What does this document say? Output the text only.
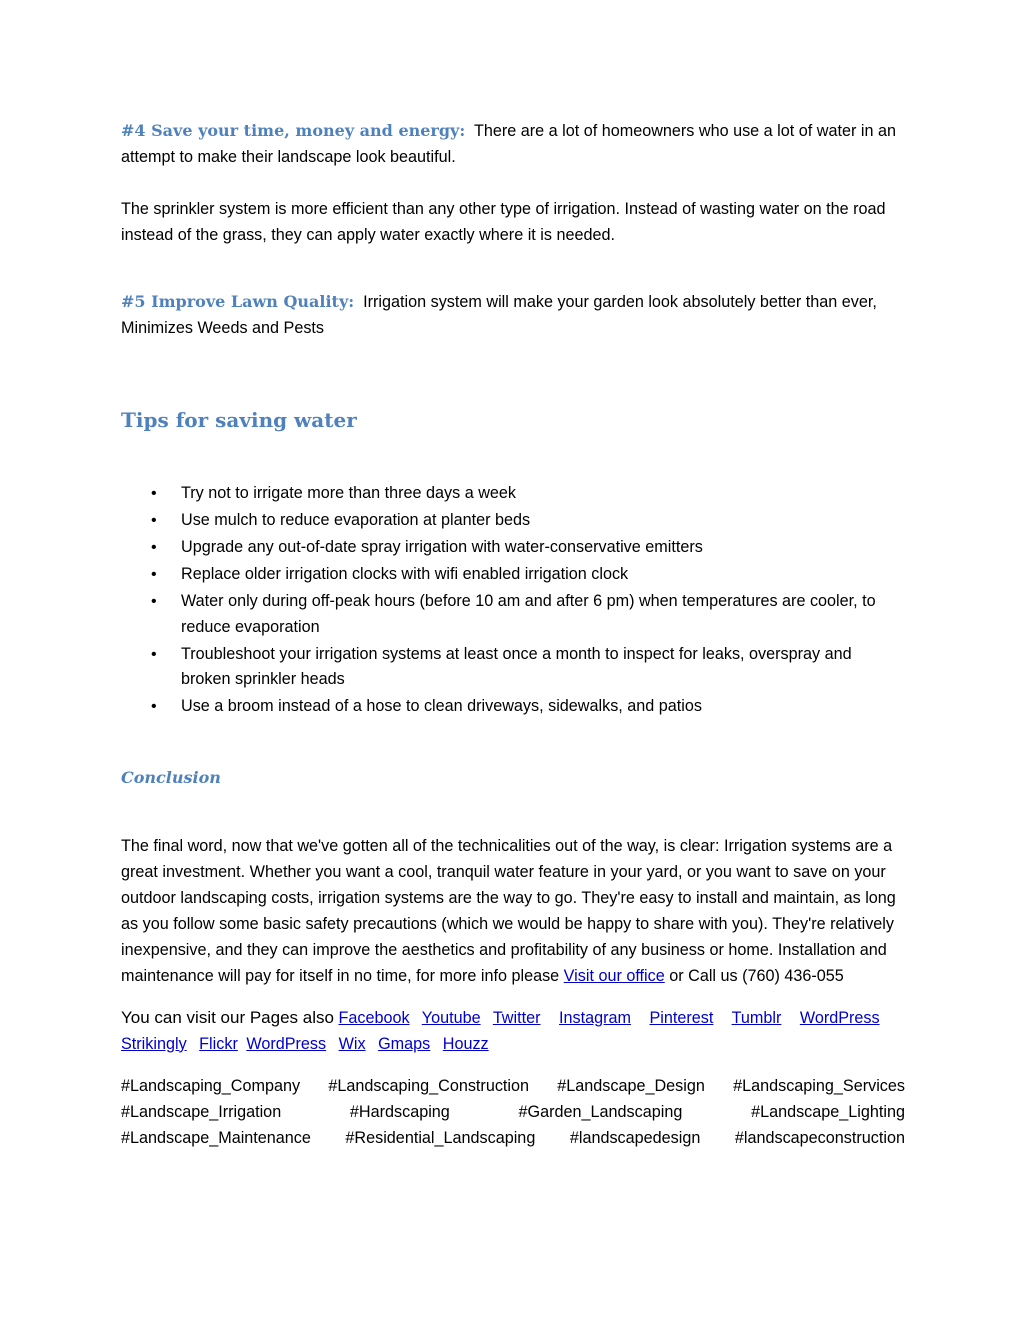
#4 Save your time, money and energy: There are a lot of homeowners who use a lot of water in an attempt to make their landscape look beautiful.

The sprinkler system is more efficient than any other type of irrigation. Instead of wasting water on the road instead of the grass, they can apply water exactly where it is needed.

#5 Improve Lawn Quality: Irrigation system will make your garden look absolutely better than ever, Minimizes Weeds and Pests

Tips for saving water
• Try not to irrigate more than three days a week
• Use mulch to reduce evaporation at planter beds
• Upgrade any out-of-date spray irrigation with water-conservative emitters
• Replace older irrigation clocks with wifi enabled irrigation clock
• Water only during off-peak hours (before 10 am and after 6 pm) when temperatures are cooler, to reduce evaporation
• Troubleshoot your irrigation systems at least once a month to inspect for leaks, overspray and broken sprinkler heads
• Use a broom instead of a hose to clean driveways, sidewalks, and patios
Conclusion

The final word, now that we've gotten all of the technicalities out of the way, is clear: Irrigation systems are a great investment. Whether you want a cool, tranquil water feature in your yard, or you want to save on your outdoor landscaping costs, irrigation systems are the way to go. They're easy to install and maintain, as long as you follow some basic safety precautions (which we would be happy to share with you). They're relatively inexpensive, and they can improve the aesthetics and profitability of any business or home. Installation and maintenance will pay for itself in no time, for more info please Visit our office or Call us (760) 436-055

You can visit our Pages also Facebook Youtube Twitter Instagram Pinterest Tumblr WordPress
Strikingly Flickr WordPress Wix Gmaps Houzz

#Landscaping_Company #Landscaping_Construction #Landscape_Design #Landscaping_Services
#Landscape_Irrigation	#Hardscaping	#Garden_Landscaping	#Landscape_Lighting
#Landscape_Maintenance #Residential_Landscaping #landscapedesign #landscapeconstruction
